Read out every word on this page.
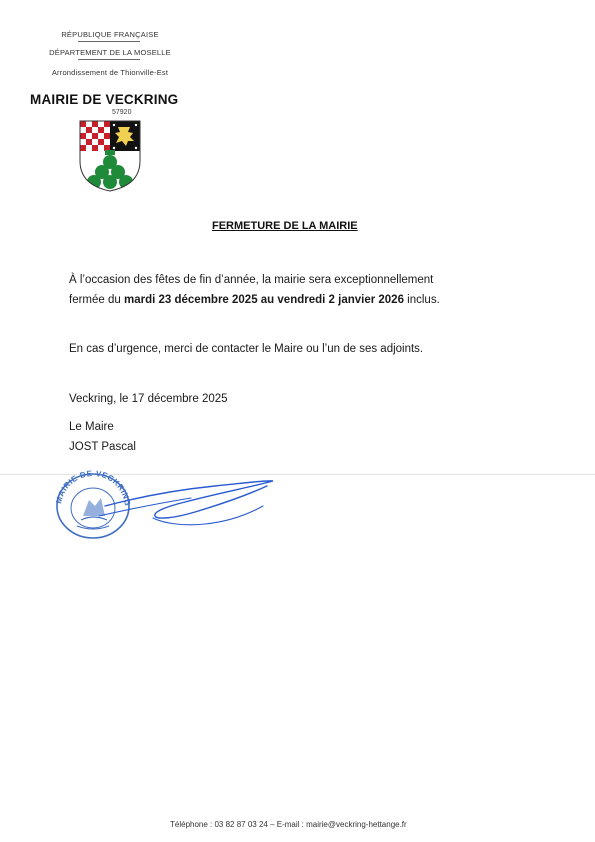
RÉPUBLIQUE FRANÇAISE
DÉPARTEMENT DE LA MOSELLE
Arrondissement de Thionville-Est
MAIRIE DE VECKRING
57920
FERMETURE DE LA MAIRIE
À l’occasion des fêtes de fin d’année, la mairie sera exceptionnellement
fermée du mardi 23 décembre 2025 au vendredi 2 janvier 2026 inclus.
En cas d’urgence, merci de contacter le Maire ou l’un de ses adjoints.
Veckring, le 17 décembre 2025
Le Maire
JOST Pascal
MAIRIE DE VECKRING
Téléphone : 03 82 87 03 24 – E-mail : mairie@veckring-hettange.fr
